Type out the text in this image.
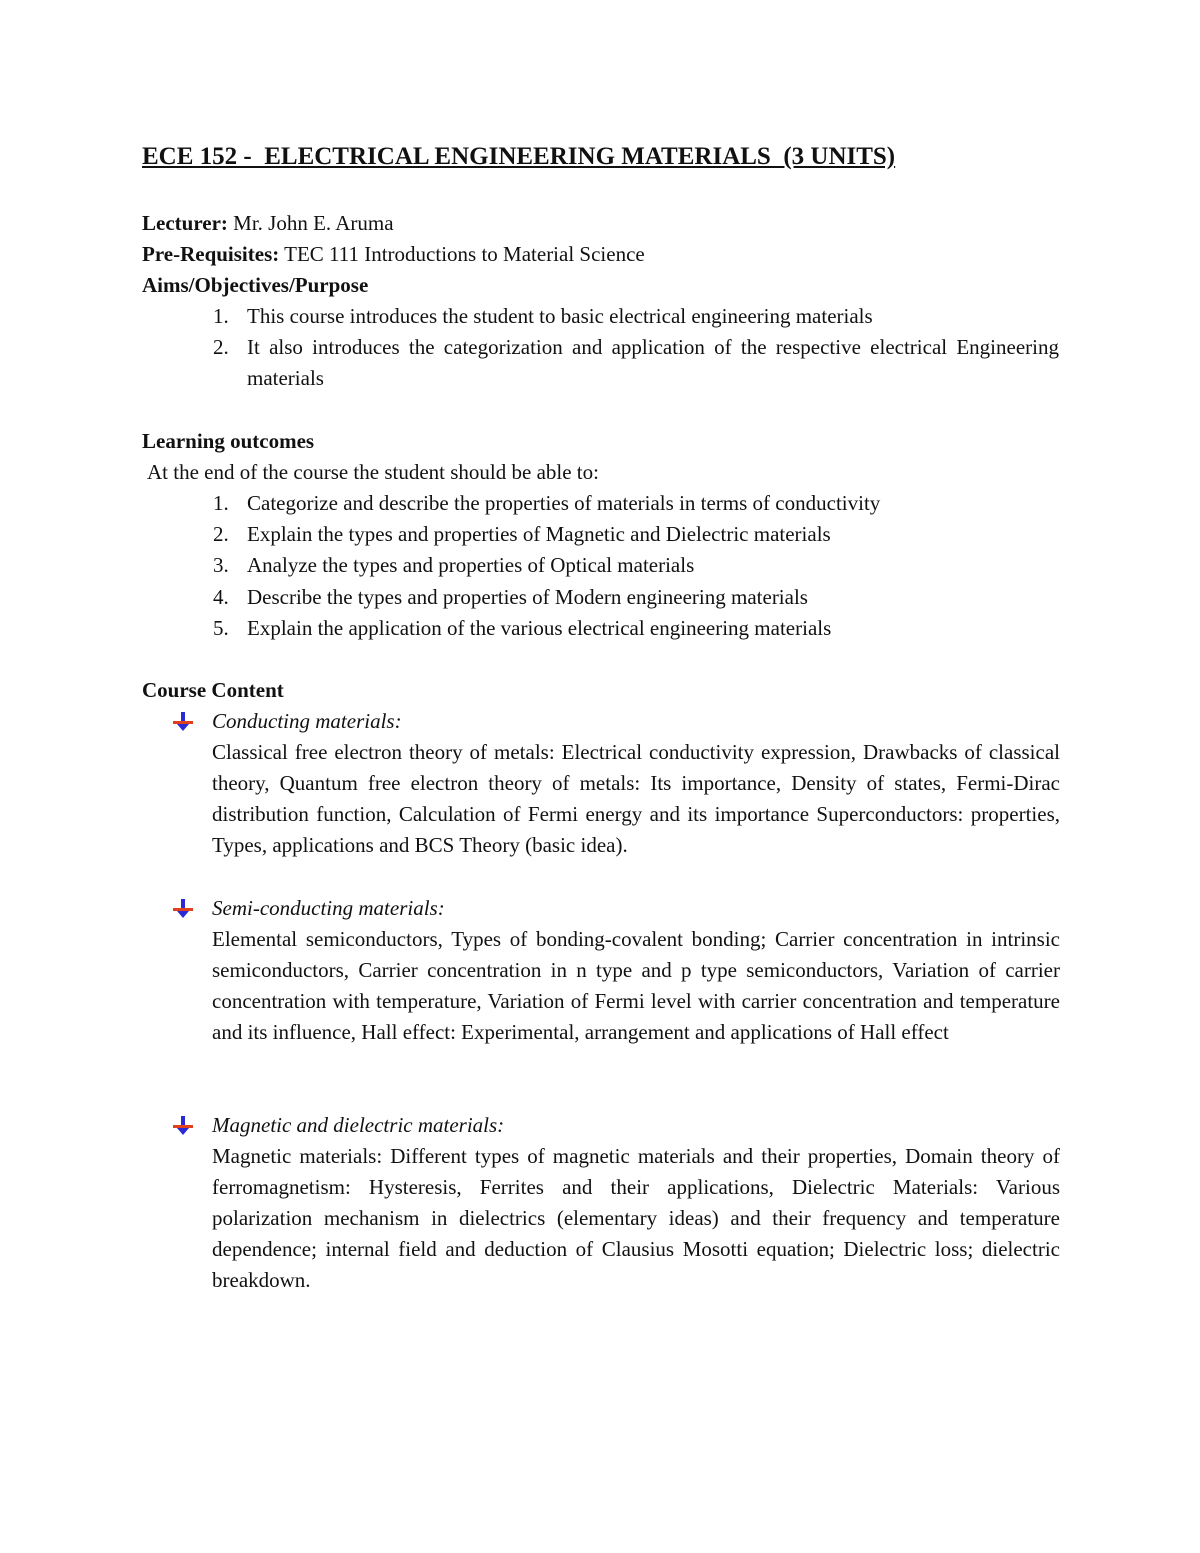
ECE 152 -  ELECTRICAL ENGINEERING MATERIALS  (3 UNITS)
Lecturer: Mr. John E. Aruma
Pre-Requisites: TEC 111 Introductions to Material Science
Aims/Objectives/Purpose
1. This course introduces the student to basic electrical engineering materials
2. It also introduces the categorization and application of the respective electrical Engineering materials
Learning outcomes
At the end of the course the student should be able to:
1. Categorize and describe the properties of materials in terms of conductivity
2. Explain the types and properties of Magnetic and Dielectric materials
3. Analyze the types and properties of Optical materials
4. Describe the types and properties of Modern engineering materials
5. Explain the application of the various electrical engineering materials
Course Content
Conducting materials:
Classical free electron theory of metals: Electrical conductivity expression, Drawbacks of classical theory, Quantum free electron theory of metals: Its importance, Density of states, Fermi-Dirac distribution function, Calculation of Fermi energy and its importance Superconductors: properties, Types, applications and BCS Theory (basic idea).
Semi-conducting materials:
Elemental semiconductors, Types of bonding-covalent bonding; Carrier concentration in intrinsic semiconductors, Carrier concentration in n type and p type semiconductors, Variation of carrier concentration with temperature, Variation of Fermi level with carrier concentration and temperature and its influence, Hall effect: Experimental, arrangement and applications of Hall effect
Magnetic and dielectric materials:
Magnetic materials: Different types of magnetic materials and their properties, Domain theory of ferromagnetism: Hysteresis, Ferrites and their applications, Dielectric Materials: Various polarization mechanism in dielectrics (elementary ideas) and their frequency and temperature dependence; internal field and deduction of Clausius Mosotti equation; Dielectric loss; dielectric breakdown.
